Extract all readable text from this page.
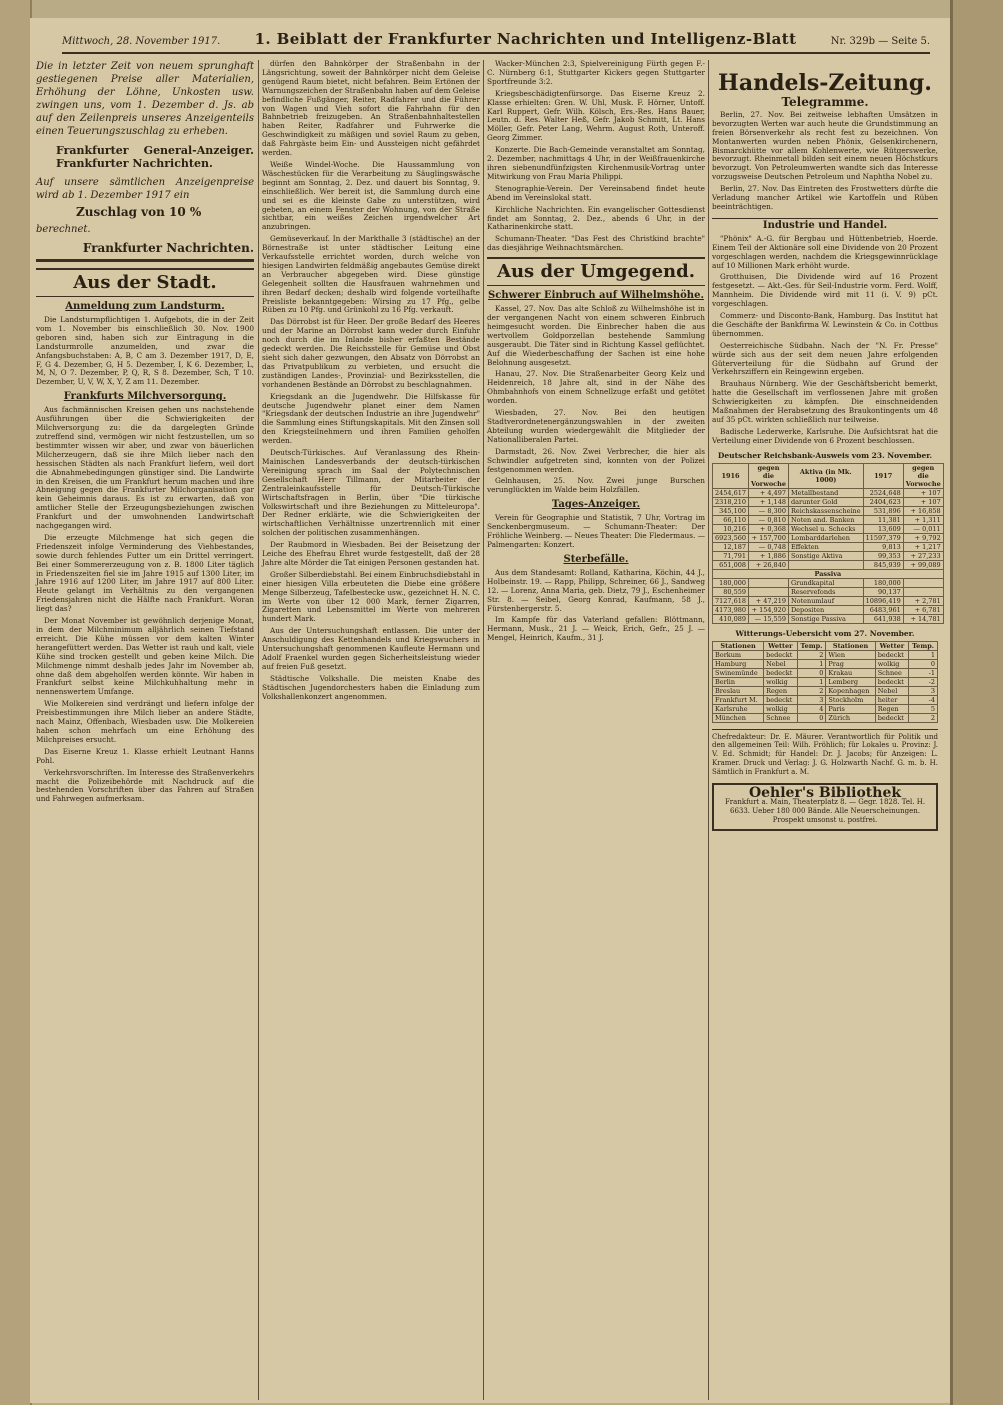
Mittwoch, 28. November 1917.	1. Beiblatt der Frankfurter Nachrichten und Intelligenz-Blatt	Nr. 329b — Seite 5.
Die in letzter Zeit von neuem sprunghaft gestiegenen Preise aller Materialien, Erhöhung der Löhne, Unkosten usw. zwingen uns, vom 1. Dezember d. Js. ab auf den Zeilenpreis unseres Anzeigenteils einen Teuerungszuschlag zu erheben.
Frankfurter General-Anzeiger. Frankfurter Nachrichten.
Auf unsere sämtlichen Anzeigenpreise wird ab 1. Dezember 1917 ein
Zuschlag von 10 %
berechnet.
Frankfurter Nachrichten.
Aus der Stadt.
Anmeldung zum Landsturm.

Die Landsturmpflichtigen 1. Aufgebots, die in der Zeit vom 1. November bis einschließlich 30. Nov. 1900 geboren sind, haben sich zur Eintragung in die Landsturmrolle anzumelden, und zwar die Anfangsbuchstaben: A, B, C am 3. Dezember 1917, D, E, F, G 4. Dezember, G, H 5. Dezember, I, K 6. Dezember, L, M, N, O 7. Dezember, P, Q, R, S 8. Dezember, Sch, T 10. Dezember, U, V, W, X, Y, Z am 11. Dezember.

Frankfurts Milchversorgung.

Aus fachmännischen Kreisen gehen uns nachstehende Ausführungen über die Schwierigkeiten der Milchversorgung zu: die da dargelegten Gründe zutreffend sind, vermögen wir nicht festzustellen, um so bestimmter wissen wir aber, und zwar von bäuerlichen Milcherzeugern, daß sie ihre Milch lieber nach den hessischen Städten als nach Frankfurt liefern, weil dort die Abnahmebedingungen günstiger sind. Die Landwirte in den Kreisen, die um Frankfurt herum machen und ihre Abneigung gegen die Frankfurter Milchorganisation gar kein Geheimnis daraus. Es ist zu erwarten, daß von amtlicher Stelle der Erzeugungsbeziehungen zwischen Frankfurt und der umwohnenden Landwirtschaft nachgegangen wird.

Die erzeugte Milchmenge hat sich gegen die Friedenszeit infolge Verminderung des Viehbestandes, sowie durch fehlendes Futter um ein Drittel verringert. Bei einer Sommererzeugung von z. B. 1800 Liter täglich in Friedenszeiten fiel sie im Jahre 1915 auf 1300 Liter, im Jahre 1916 auf 1200 Liter, im Jahre 1917 auf 800 Liter. Heute gelangt im Verhältnis zu den vergangenen Friedensjahren nicht die Hälfte nach Frankfurt. Woran liegt das?

Der Monat November ist gewöhnlich derjenige Monat, in dem der Milchminimum alljährlich seinen Tiefstand erreicht. Die Kühe müssen vor dem kalten Winter herangefüttert werden. Das Wetter ist rauh und kalt, viele Kühe sind trocken gestellt und geben keine Milch. Die Milchmenge nimmt deshalb jedes Jahr im November ab, ohne daß dem abgeholfen werden könnte. Wir haben in Frankfurt selbst keine Milchkuhhaltung mehr in nennenswertem Umfange.

Wie Molkereien sind verdrängt und liefern infolge der Preisbestimmungen ihre Milch lieber an andere Städte, nach Mainz, Offenbach, Wiesbaden usw. Die Molkereien haben schon mehrfach um eine Erhöhung des Milchpreises ersucht.

Das Eiserne Kreuz 1. Klasse erhielt Leutnant Hanns Pohl.

Verkehrsvorschriften. Im Interesse des Straßenverkehrs macht die Polizeibehörde mit Nachdruck auf die bestehenden Vorschriften über das Fahren auf Straßen und Fahrwegen aufmerksam.

dürfen den Bahnkörper der Straßenbahn in der Längsrichtung, soweit der Bahnkörper nicht dem Geleise genügend Raum bietet, nicht befahren. Beim Ertönen der Warnungszeichen der Straßenbahn haben auf dem Geleise befindliche Fußgänger, Reiter, Radfahrer und die Führer von Wagen und Vieh sofort die Fahrbahn für den Bahnbetrieb freizugeben. An Straßenbahnhaltestellen haben Reiter, Radfahrer und Fuhrwerke die Geschwindigkeit zu mäßigen und soviel Raum zu geben, daß Fahrgäste beim Ein- und Aussteigen nicht gefährdet werden.

Weiße Windel-Woche. Die Haussammlung von Wäschestücken für die Verarbeitung zu Säuglingswäsche beginnt am Sonntag, 2. Dez. und dauert bis Sonntag, 9. einschließlich. Wer bereit ist, die Sammlung durch eine und sei es die kleinste Gabe zu unterstützen, wird gebeten, an einem Fenster der Wohnung, von der Straße sichtbar, ein weißes Zeichen irgendwelcher Art anzubringen.

Gemüseverkauf. In der Markthalle 3 (städtische) an der Börnestraße ist unter städtischer Leitung eine Verkaufsstelle errichtet worden, durch welche von hiesigen Landwirten feldmäßig angebautes Gemüse direkt an Verbraucher abgegeben wird. Diese günstige Gelegenheit sollten die Hausfrauen wahrnehmen und ihren Bedarf decken; deshalb wird folgende vorteilhafte Preisliste bekanntgegeben: Wirsing zu 17 Pfg., gelbe Rüben zu 10 Pfg. und Grünkohl zu 16 Pfg. verkauft.

Das Dörrobst ist für Heer. Der große Bedarf des Heeres und der Marine an Dörrobst kann weder durch Einfuhr noch durch die im Inlande bisher erfaßten Bestände gedeckt werden. Die Reichsstelle für Gemüse und Obst sieht sich daher gezwungen, den Absatz von Dörrobst an das Privatpublikum zu verbieten, und ersucht die zuständigen Landes-, Provinzial- und Bezirksstellen, die vorhandenen Bestände an Dörrobst zu beschlagnahmen.

Kriegsdank an die Jugendwehr. Die Hilfskasse für deutsche Jugendwehr planet einer dem Namen "Kriegsdank der deutschen Industrie an ihre Jugendwehr" die Sammlung eines Stiftungskapitals. Mit den Zinsen soll den Kriegsteilnehmern und ihren Familien geholfen werden.

Deutsch-Türkisches. Auf Veranlassung des Rhein-Mainischen Landesverbands der deutsch-türkischen Vereinigung sprach im Saal der Polytechnischen Gesellschaft Herr Tillmann, der Mitarbeiter der Zentraleinkaufsstelle für Deutsch-Türkische Wirtschaftsfragen in Berlin, über "Die türkische Volkswirtschaft und ihre Beziehungen zu Mitteleuropa". Der Redner erklärte, wie die Schwierigkeiten der wirtschaftlichen Verhältnisse unzertrennlich mit einer solchen der politischen zusammenhängen.

Der Raubmord in Wiesbaden. Bei der Beisetzung der Leiche des Ehefrau Ehret wurde festgestellt, daß der 28 Jahre alte Mörder die Tat einigen Personen gestanden hat.

Großer Silberdiebstahl. Bei einem Einbruchsdiebstahl in einer hiesigen Villa erbeuteten die Diebe eine größere Menge Silberzeug, Tafelbestecke usw., gezeichnet H. N. C. im Werte von über 12 000 Mark, ferner Zigarren, Zigaretten und Lebensmittel im Werte von mehreren hundert Mark.

Aus der Untersuchungshaft entlassen. Die unter der Anschuldigung des Kettenhandels und Kriegswuchers in Untersuchungshaft genommenen Kaufleute Hermann und Adolf Fraenkel wurden gegen Sicherheitsleistung wieder auf freien Fuß gesetzt.

Städtische Volkshalle. Die meisten Knabe des Städtischen Jugendorchesters haben die Einladung zum Volkshallenkonzert angenommen.

Wacker-München 2:3, Spielvereinigung Fürth gegen F.-C. Nürnberg 6:1, Stuttgarter Kickers gegen Stuttgarter Sportfreunde 3:2.

Kriegsbeschädigtenfürsorge. Das Eiserne Kreuz 2. Klasse erhielten: Gren. W. Uhl, Musk. F. Hörner, Untoff. Karl Ruppert, Gefr. Wilh. Kölsch, Ers.-Res. Hans Bauer, Leutn. d. Res. Walter Heß, Gefr. Jakob Schmitt, Lt. Hans Möller, Gefr. Peter Lang, Wehrm. August Roth, Unteroff. Georg Zimmer.

Konzerte. Die Bach-Gemeinde veranstaltet am Sonntag, 2. Dezember, nachmittags 4 Uhr, in der Weißfrauenkirche ihren siebenundfünfzigsten Kirchenmusik-Vortrag unter Mitwirkung von Frau Maria Philippi.

Stenographie-Verein. Der Vereinsabend findet heute Abend im Vereinslokal statt.

Kirchliche Nachrichten. Ein evangelischer Gottesdienst findet am Sonntag, 2. Dez., abends 6 Uhr, in der Katharinenkirche statt.

Schumann-Theater. "Das Fest des Christkind brachte" das diesjährige Weihnachtsmärchen.

Aus der Umgegend.
Schwerer Einbruch auf Wilhelmshöhe.

Kassel, 27. Nov. Das alte Schloß zu Wilhelmshöhe ist in der vergangenen Nacht von einem schweren Einbruch heimgesucht worden. Die Einbrecher haben die aus wertvollem Goldporzellan bestehende Sammlung ausgeraubt. Die Täter sind in Richtung Kassel geflüchtet. Auf die Wiederbeschaffung der Sachen ist eine hohe Belohnung ausgesetzt.

Hanau, 27. Nov. Die Straßenarbeiter Georg Kelz und Heidenreich, 18 Jahre alt, sind in der Nähe des Ohmbahnhofs von einem Schnellzuge erfaßt und getötet worden.

Wiesbaden, 27. Nov. Bei den heutigen Stadtverordnetenergänzungswahlen in der zweiten Abteilung wurden wiedergewählt die Mitglieder der Nationalliberalen Partei.

Darmstadt, 26. Nov. Zwei Verbrecher, die hier als Schwindler aufgetreten sind, konnten von der Polizei festgenommen werden.

Gelnhausen, 25. Nov. Zwei junge Burschen verunglückten im Walde beim Holzfällen.

Tages-Anzeiger.

Verein für Geographie und Statistik, 7 Uhr, Vortrag im Senckenbergmuseum. — Schumann-Theater: Der Fröhliche Weinberg. — Neues Theater: Die Fledermaus. — Palmengarten: Konzert.

Sterbefälle.

Aus dem Standesamt: Rolland, Katharina, Köchin, 44 J., Holbeinstr. 19. — Rapp, Philipp, Schreiner, 66 J., Sandweg 12. — Lorenz, Anna Maria, geb. Dietz, 79 J., Eschenheimer Str. 8. — Seibel, Georg Konrad, Kaufmann, 58 J., Fürstenbergerstr. 5.

Im Kampfe für das Vaterland gefallen: Blöttmann, Hermann, Musk., 21 J. — Weick, Erich, Gefr., 25 J. — Mengel, Heinrich, Kaufm., 31 J.

Handels-Zeitung.
Telegramme.

Berlin, 27. Nov. Bei zeitweise lebhaften Umsätzen in bevorzugten Werten war auch heute die Grundstimmung an freien Börsenverkehr als recht fest zu bezeichnen. Von Montanwerten wurden neben Phönix, Gelsenkirchenern, Bismarckhütte vor allem Kohlenwerte, wie Rütgerswerke, bevorzugt. Rheinmetall bilden seit einem neuen Höchstkurs bevorzugt. Von Petroleumwerten wandte sich das Interesse vorzugsweise Deutschen Petroleum und Naphtha Nobel zu.

Berlin, 27. Nov. Das Eintreten des Frostwetters dürfte die Verladung mancher Artikel wie Kartoffeln und Rüben beeinträchtigen.

Industrie und Handel.

"Phönix" A.-G. für Bergbau und Hüttenbetrieb, Hoerde. Einem Teil der Aktionäre soll eine Dividende von 20 Prozent vorgeschlagen werden, nachdem die Kriegsgewinnrücklage auf 10 Millionen Mark erhöht wurde.

Grotthuisen, Die Dividende wird auf 16 Prozent festgesetzt. — Akt.-Ges. für Seil-Industrie vorm. Ferd. Wolff, Mannheim. Die Dividende wird mit 11 (i. V. 9) pCt. vorgeschlagen.

Commerz- und Disconto-Bank, Hamburg. Das Institut hat die Geschäfte der Bankfirma W. Lewinstein & Co. in Cottbus übernommen.

Oesterreichische Südbahn. Nach der "N. Fr. Presse" würde sich aus der seit dem neuen Jahre erfolgenden Güterverteilung für die Südbahn auf Grund der Verkehrsziffern ein Reingewinn ergeben.

Brauhaus Nürnberg. Wie der Geschäftsbericht bemerkt, hatte die Gesellschaft im verflossenen Jahre mit großen Schwierigkeiten zu kämpfen. Die einschneidenden Maßnahmen der Herabsetzung des Braukontingents um 48 auf 35 pCt. wirkten schließlich nur teilweise.

Badische Lederwerke, Karlsruhe. Die Aufsichtsrat hat die Verteilung einer Dividende von 6 Prozent beschlossen.

Deutscher Reichsbank-Ausweis vom 23. November.
1916	gegen die Vorwoche	Aktiva (in Mk. 1000)	1917	gegen die Vorwoche
2454,617	+ 4,497	Metallbestand	2524,648	+ 107
2318,210	+ 1,148	darunter Gold	2404,623	+ 107
345,100	— 8,300	Reichskassenscheine	531,896	+ 16,858
66,110	— 0,810	Noten and. Banken	11,381	+ 1,311
10,216	+ 0,368	Wechsel u. Schecks	13,609	— 0,011
6923,560	+ 157,700	Lombarddarlehen	11597,379	+ 9,792
12,187	— 0,748	Effekten	9,813	+ 1,217
71,791	+ 1,886	Sonstige Aktiva	99,353	+ 27,233
651,008	+ 26,840		845,939	+ 99,089
Passiva				
180,000		Grundkapital	180,000	
80,559		Reservefonds	90,137	
7127,618	+ 47,219	Notenumlauf	10896,419	+ 2,781
4173,980	+ 154,920	Depositen	6483,961	+ 6,781
410,089	— 15,559	Sonstige Passiva	641,938	+ 14,781
Witterungs-Uebersicht vom 27. November.
Stationen	Wetter	Temp.	Stationen	Wetter	Temp.
Borkum	bedeckt	2	Wien	bedeckt	1
Hamburg	Nebel	1	Prag	wolkig	0
Swinemünde	bedeckt	0	Krakau	Schnee	-1
Berlin	wolkig	1	Lemberg	bedeckt	-2
Breslau	Regen	2	Kopenhagen	Nebel	3
Frankfurt M.	bedeckt	3	Stockholm	heiter	-4
Karlsruhe	wolkig	4	Paris	Regen	5
München	Schnee	0	Zürich	bedeckt	2
Chefredakteur: Dr. E. Mäurer. Verantwortlich für Politik und den allgemeinen Teil: Wilh. Fröhlich; für Lokales u. Provinz: J. V. Ed. Schmidt; für Handel: Dr. J. Jacobs; für Anzeigen: L. Kramer. Druck und Verlag: J. G. Holzwarth Nachf. G. m. b. H. Sämtlich in Frankfurt a. M.
Oehler's Bibliothek
Frankfurt a. Main, Theaterplatz 8. — Gegr. 1828. Tel. H. 6633. Ueber 180 000 Bände. Alle Neuerscheinungen. Prospekt umsonst u. postfrei.
